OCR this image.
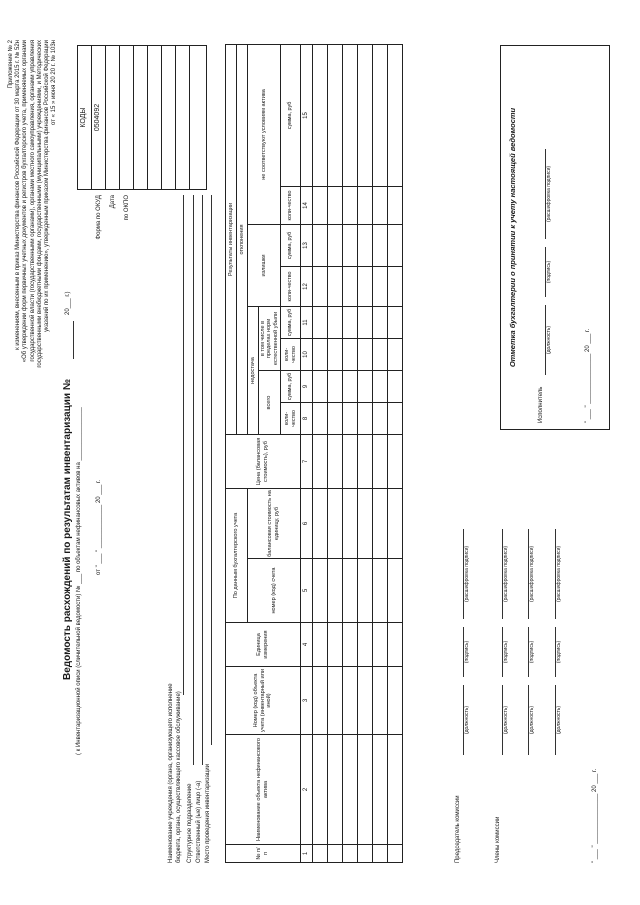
Приложение № 2 к изменениям, внесенным в приказ Министерства финансов Российской Федерации от 30 марта 2015 г. № 52н «Об утверждении форм первичных учетных документов и регистров бухгалтерского учета, применяемых органами государственной власти (государственными органами), органами местного самоуправления, органами управления государственными внебюджетными фондами, государственными (муниципальными) учреждениями, и Методических указаний по их применению», утвержденным приказом Министерства финансов Российской Федерации от « 15 » июня 20 20 г. № 103н
Ведомость расхождений по результатам инвентаризации №
20___ г.)
( к Инвентаризационной описи (сличительной ведомости) № ___ по объектам нефинансовых активов на ________________ от " ___ " _____________ 20 ___ г.
Форма по ОКУД Дата по ОКПО
КОДЫ 0504092
Наименование учреждения (органа, организующего исполнение бюджета, органа, осуществляющего кассовое обслуживание) Структурное подразделение Ответственный (ые) лицо (-а) Место проведения инвентаризации	№ п/п	Наименование объекта нефинансового актива	Номер (код) объекта учета (инвентарный или иной)	Единица измерения	По данным бухгалтерского учета		Цена (балансовая стоимость), руб	Результаты инвентаризации							
							отклонения							
				номер (код) счета	балансовая стоимость на единицу, руб		недостача				излишки		не соответствуют условиям актива	
							всего		в том числе в пределах норм естественной убыли					
							коли-чество	сумма, руб	коли-чество	сумма, руб	коли-чество	сумма, руб	коли-чество	сумма, руб
1	2	3	4	5	6	7	8	9	10	11	12	13	14	15

Председатель комиссии
(должность)
(подпись)
(расшифровка подписи)
Члены комиссии
(должность)
(подпись)
(расшифровка подписи)
(должность)
(подпись)
(расшифровка подписи)
(должность)
(подпись)
(расшифровка подписи)
" ___ " _______________ 20 ___ г.
Отметка бухгалтерии о принятии к учету настоящей ведомости
Исполнитель
(должность)
(подпись)
(расшифровка подписи)
" ___ " _______________ 20 ___ г.
